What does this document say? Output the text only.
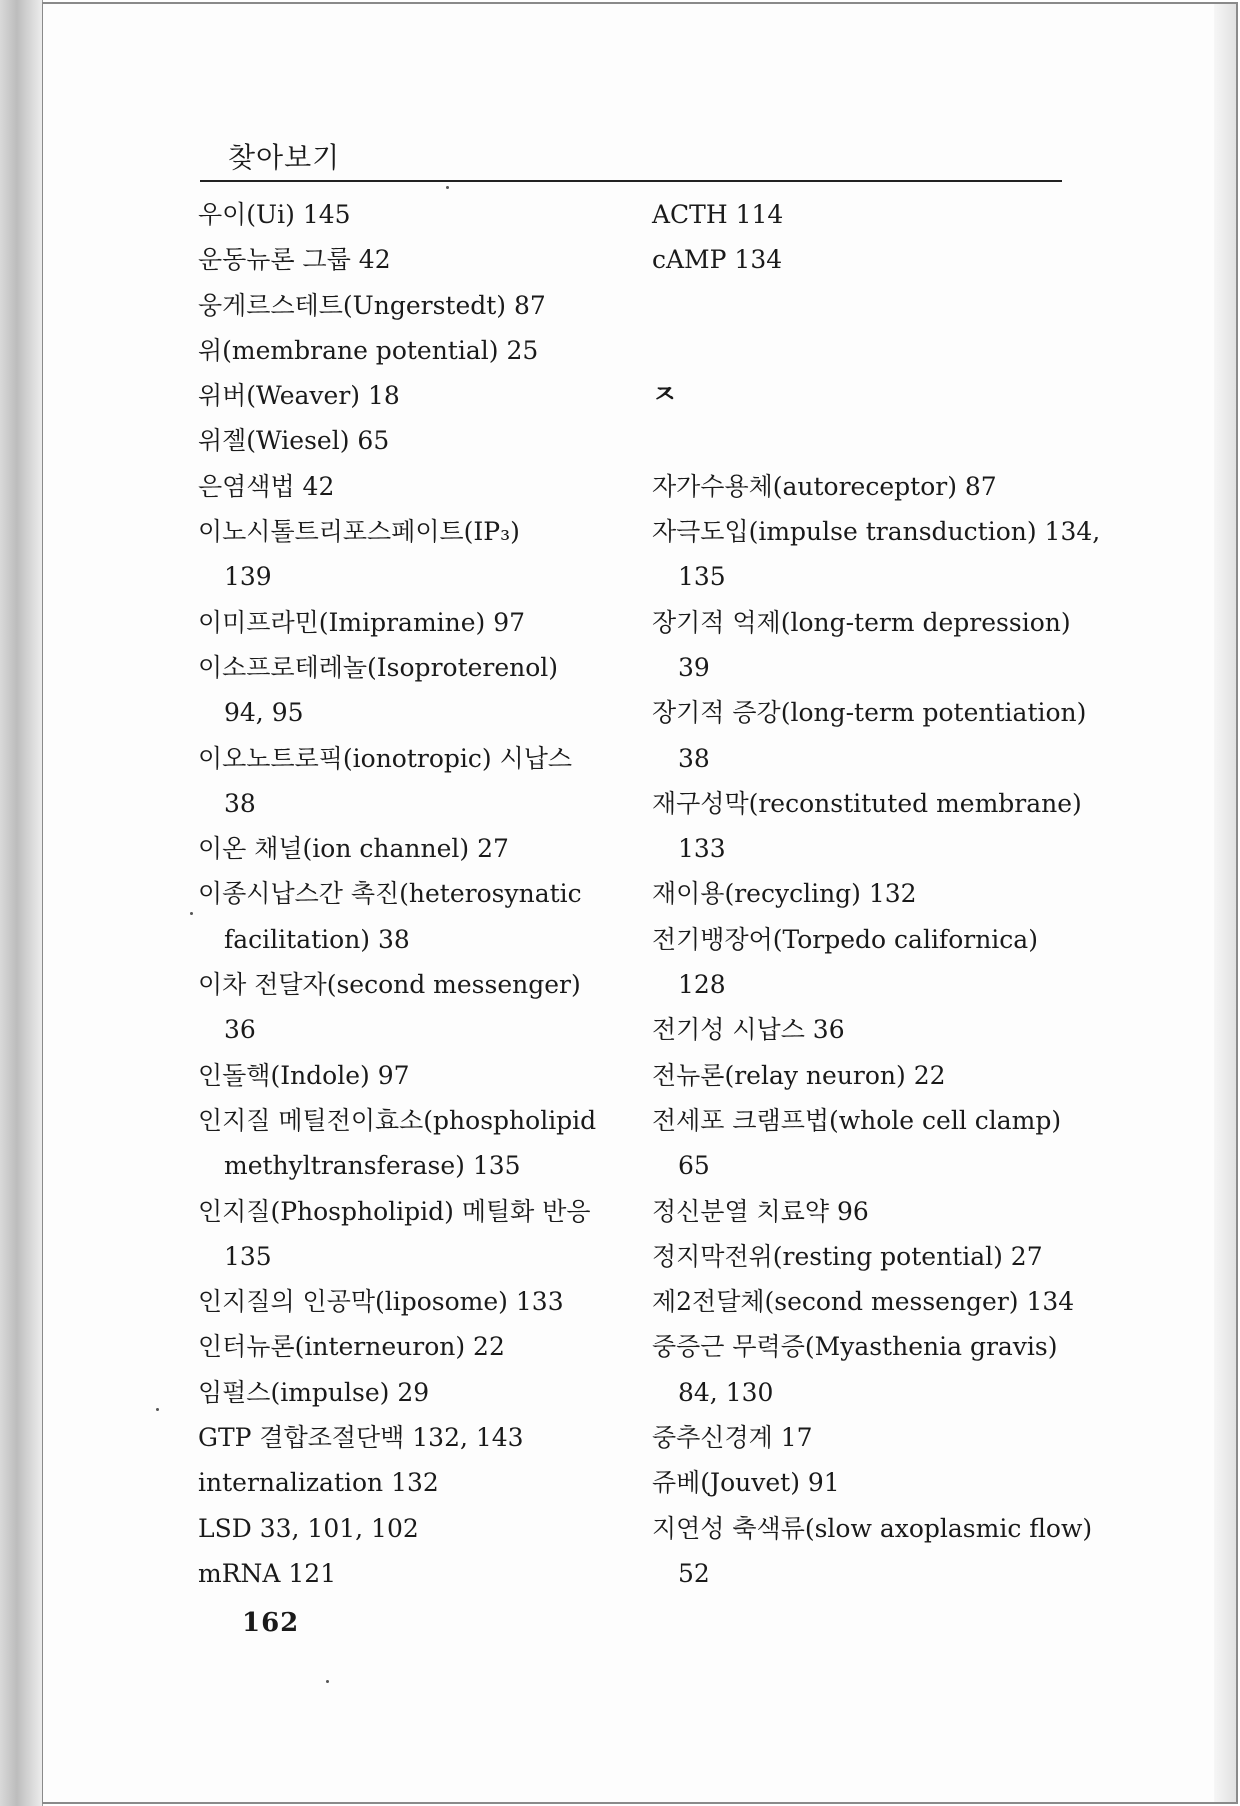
찾아보기
우이(Ui) 145
운동뉴론 그룹 42
웅게르스테트(Ungerstedt) 87
위(membrane potential) 25
위버(Weaver) 18
위젤(Wiesel) 65
은염색법 42
이노시톨트리포스페이트(IP₃)
139
이미프라민(Imipramine) 97
이소프로테레놀(Isoproterenol)
94, 95
이오노트로픽(ionotropic) 시납스
38
이온 채널(ion channel) 27
이종시납스간 촉진(heterosynatic
facilitation) 38
이차 전달자(second messenger)
36
인돌핵(Indole) 97
인지질 메틸전이효소(phospholipid
methyltransferase) 135
인지질(Phospholipid) 메틸화 반응
135
인지질의 인공막(liposome) 133
인터뉴론(interneuron) 22
임펄스(impulse) 29
GTP 결합조절단백 132, 143
internalization 132
LSD 33, 101, 102
mRNA 121
ACTH 114
cAMP 134
ㅈ
자가수용체(autoreceptor) 87
자극도입(impulse transduction) 134,
135
장기적 억제(long-term depression)
39
장기적 증강(long-term potentiation)
38
재구성막(reconstituted membrane)
133
재이용(recycling) 132
전기뱅장어(Torpedo californica)
128
전기성 시납스 36
전뉴론(relay neuron) 22
전세포 크램프법(whole cell clamp)
65
정신분열 치료약 96
정지막전위(resting potential) 27
제2전달체(second messenger) 134
중증근 무력증(Myasthenia gravis)
84, 130
중추신경계 17
쥬베(Jouvet) 91
지연성 축색류(slow axoplasmic flow)
52
162
